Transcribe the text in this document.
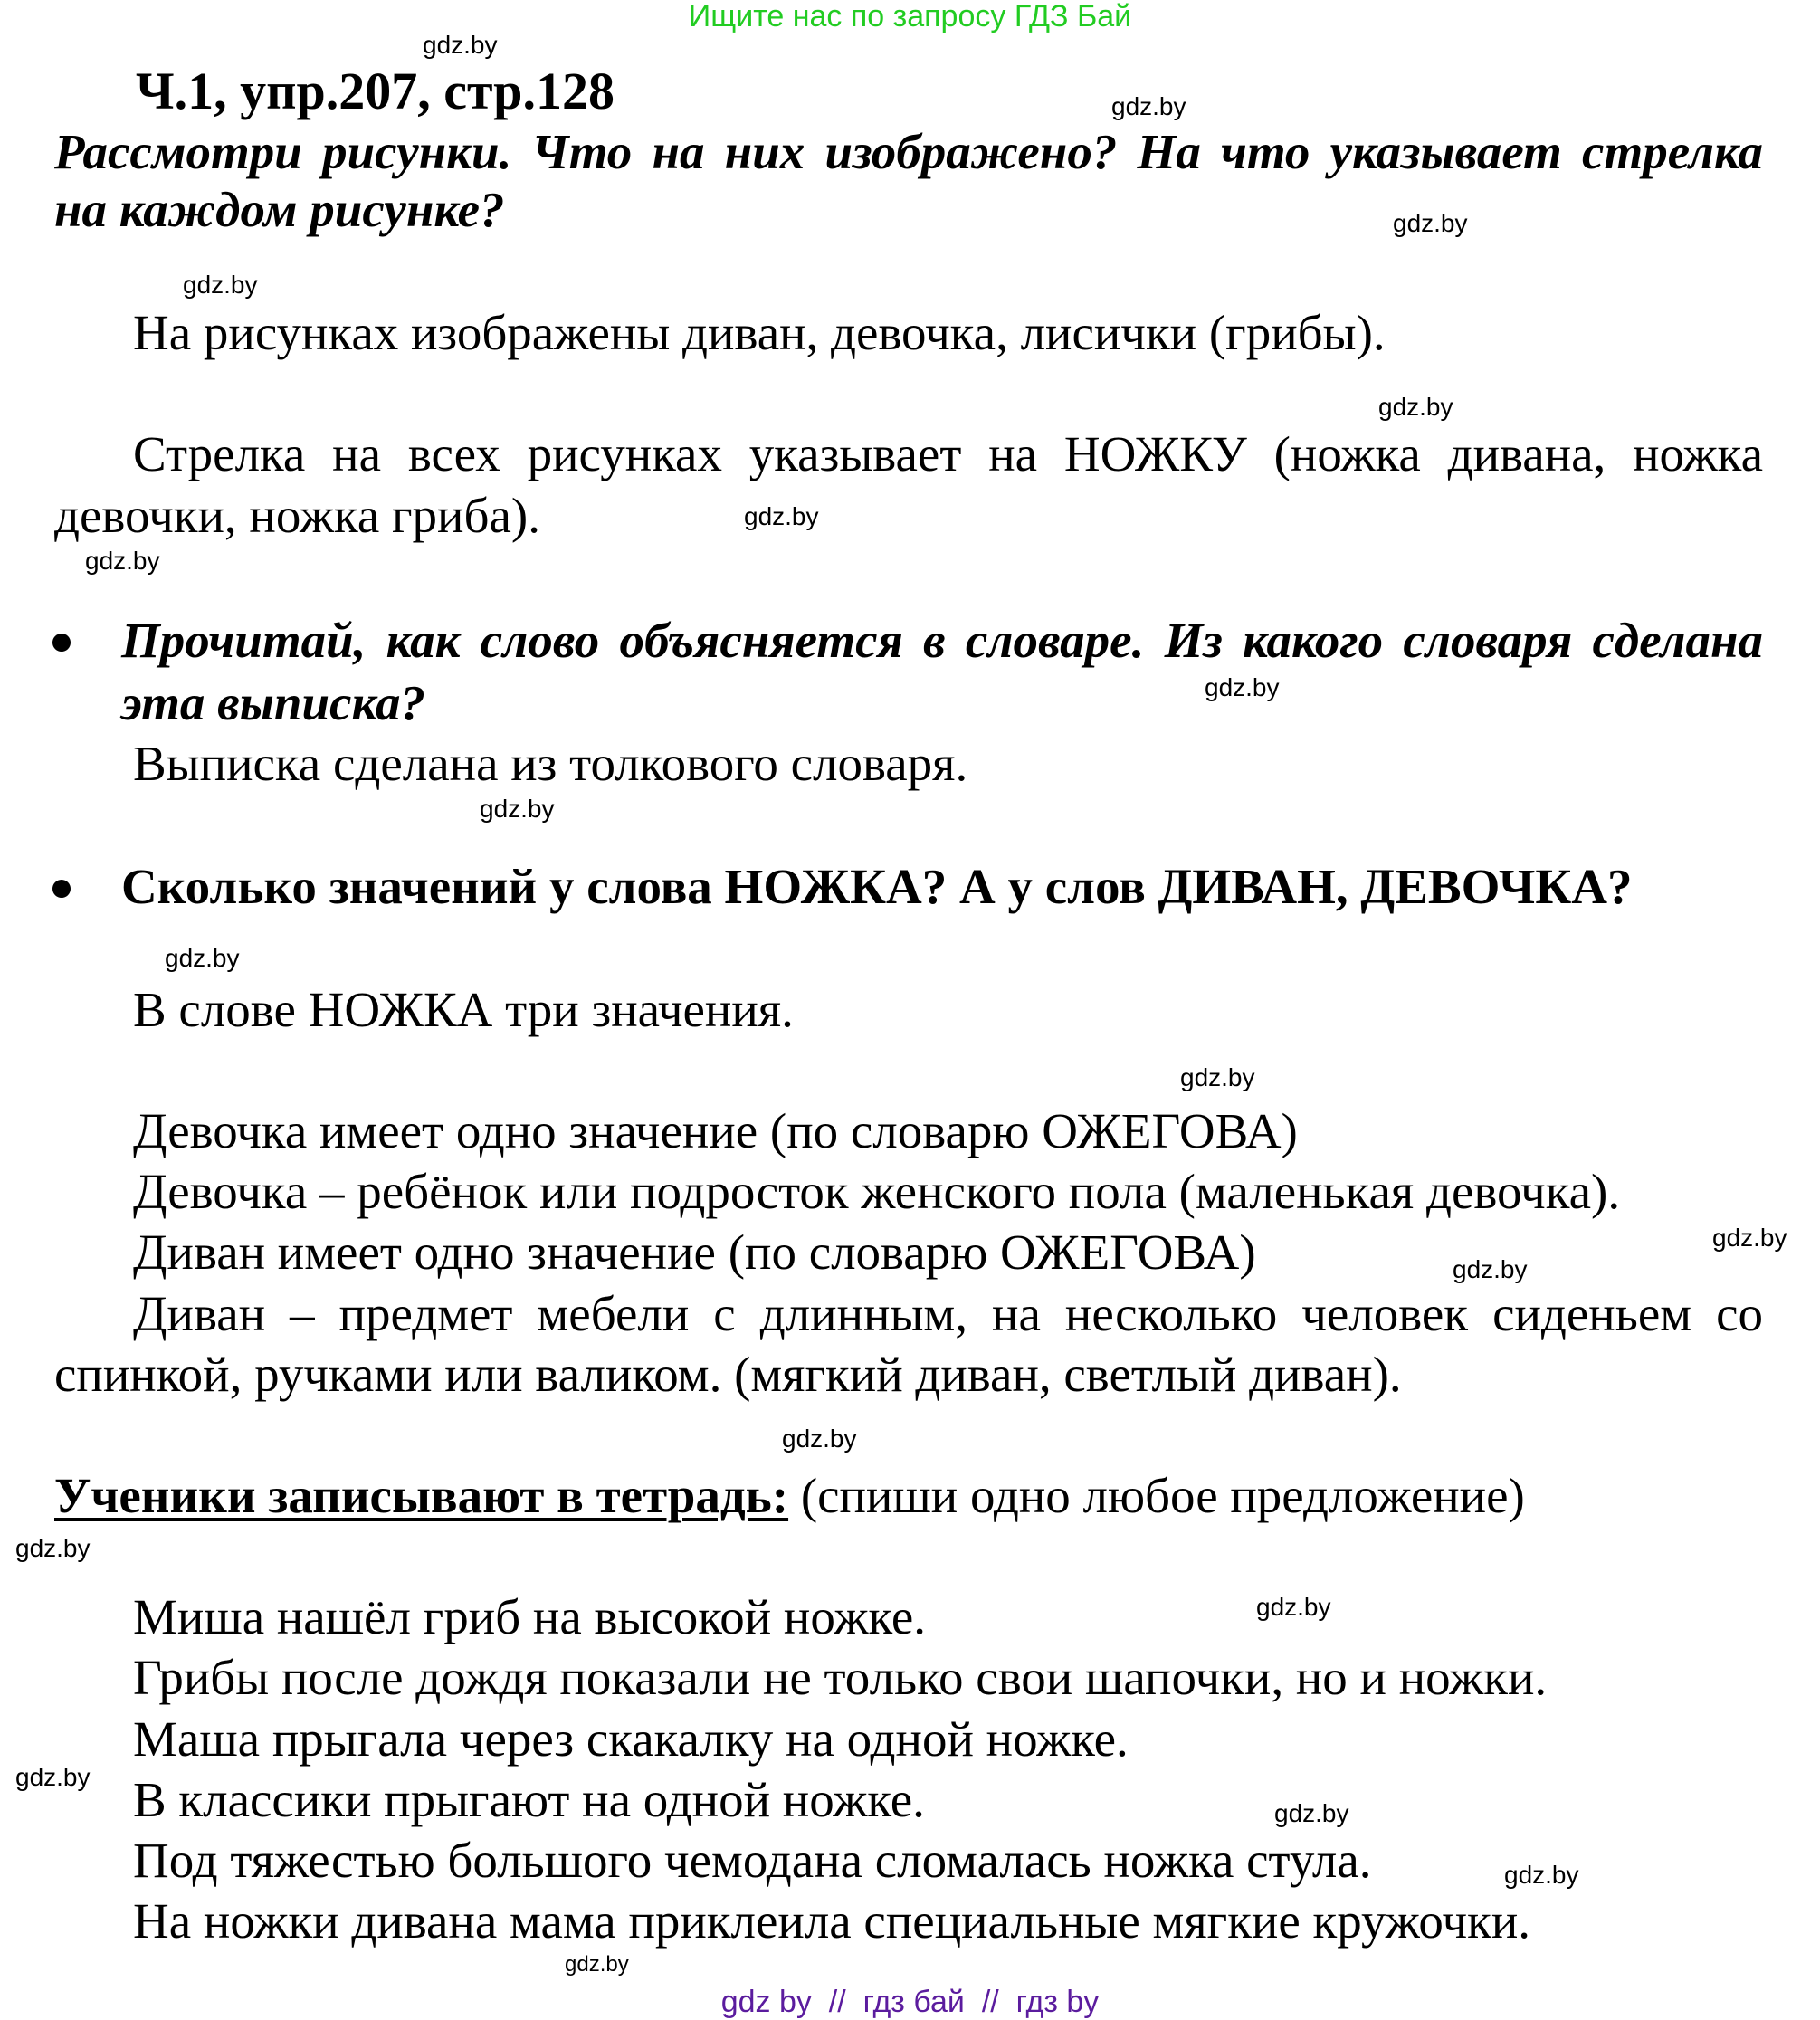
Ищите нас по запросу ГДЗ Бай
Ч.1, упр.207, стр.128
Рассмотри рисунки. Что на них изображено? На что указывает стрелка
на каждом рисунке?
На рисунках изображены диван, девочка, лисички (грибы).
Стрелка на всех рисунках указывает на НОЖКУ (ножка дивана, ножка
девочки, ножка гриба).
Прочитай, как слово объясняется в словаре. Из какого словаря сделана
эта выписка?
Выписка сделана из толкового словаря.
Сколько значений у слова НОЖКА? А у слов ДИВАН, ДЕВОЧКА?
В слове НОЖКА три значения.
Девочка имеет одно значение (по словарю ОЖЕГОВА)
Девочка – ребёнок или подросток женского пола (маленькая девочка).
Диван имеет одно значение (по словарю ОЖЕГОВА)
Диван – предмет мебели с длинным, на несколько человек сиденьем со
спинкой, ручками или валиком. (мягкий диван, светлый диван).
Ученики записывают в тетрадь: (спиши одно любое предложение)
Миша нашёл гриб на высокой ножке.
Грибы после дождя показали не только свои шапочки, но и ножки.
Маша прыгала через скакалку на одной ножке.
В классики прыгают на одной ножке.
Под тяжестью большого чемодана сломалась ножка стула.
На ножки дивана мама приклеила специальные мягкие кружочки.
gdz.by
gdz.by
gdz.by
gdz.by
gdz.by
gdz.by
gdz.by
gdz.by
gdz.by
gdz.by
gdz.by
gdz.by
gdz.by
gdz.by
gdz.by
gdz.by
gdz.by
gdz.by
gdz.by
gdz.by
gdz by  //  гдз бай  //  гдз by
